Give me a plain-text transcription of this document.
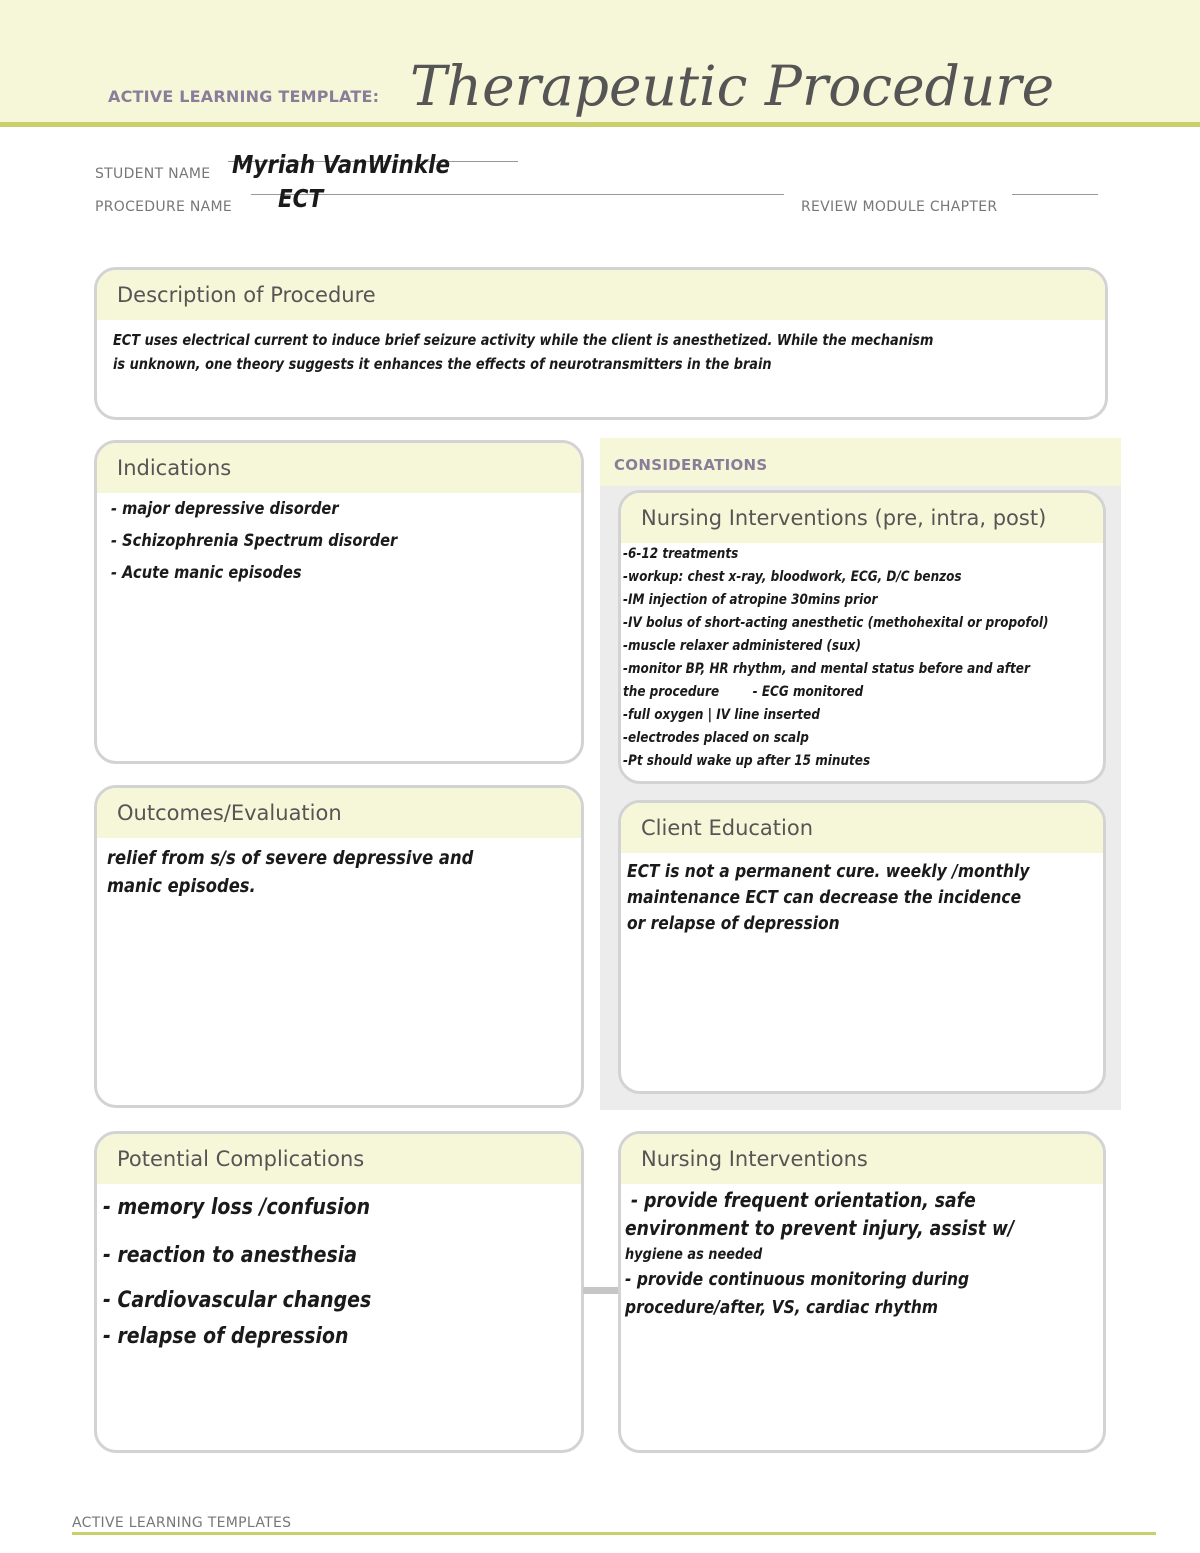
ACTIVE LEARNING TEMPLATE: Therapeutic Procedure
STUDENT NAME Myriah VanWinkle
PROCEDURE NAME ECT	REVIEW MODULE CHAPTER
Description of Procedure
ECT uses electrical current to induce brief seizure activity while the client is anesthetized. While the mechanism
is unknown, one theory suggests it enhances the effects of neurotransmitters in the brain
Indications
- major depressive disorder
- Schizophrenia Spectrum disorder
- Acute manic episodes
Outcomes/Evaluation
relief from s/s of severe depressive and
manic episodes.
CONSIDERATIONS
Nursing Interventions (pre, intra, post)
-6-12 treatments
-workup: chest x-ray, bloodwork, ECG, D/C benzos
-IM injection of atropine 30mins prior
-IV bolus of short-acting anesthetic (methohexital or propofol)
-muscle relaxer administered (sux)
-monitor BP, HR rhythm, and mental status before and after
the procedure        - ECG monitored
-full oxygen | IV line inserted
-electrodes placed on scalp
-Pt should wake up after 15 minutes
Client Education
ECT is not a permanent cure. weekly /monthly
maintenance ECT can decrease the incidence
or relapse of depression
Potential Complications
- memory loss /confusion
- reaction to anesthesia
- Cardiovascular changes
- relapse of depression
Nursing Interventions
- provide frequent orientation, safe
environment to prevent injury, assist w/
hygiene as needed
- provide continuous monitoring during
procedure/after, VS, cardiac rhythm
ACTIVE LEARNING TEMPLATES
